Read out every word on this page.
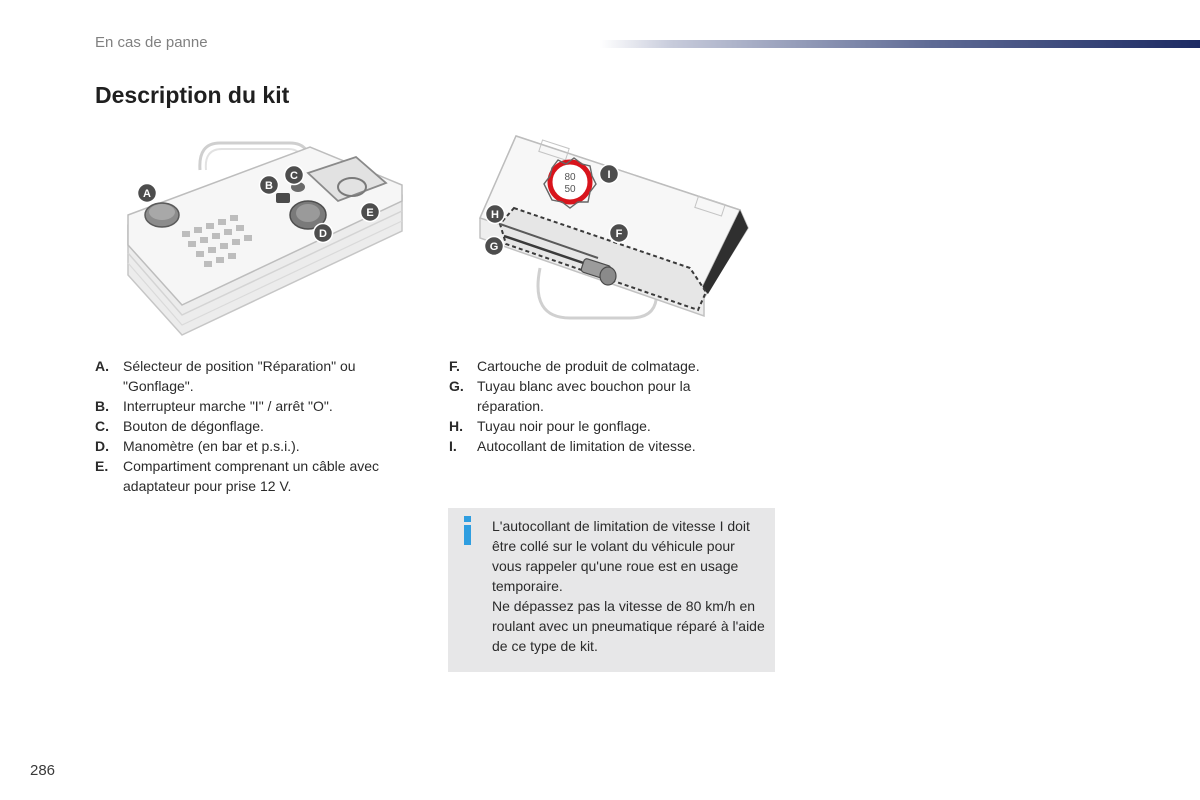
En cas de panne
Description du kit
A
B
C
D
E
80
50
H
G
F
I
A.	Sélecteur de position "Réparation" ou "Gonflage".
B.	Interrupteur marche "I" / arrêt "O".
C.	Bouton de dégonflage.
D.	Manomètre (en bar et p.s.i.).
E.	Compartiment comprenant un câble avec adaptateur pour prise 12 V.
F.	Cartouche de produit de colmatage.
G. Tuyau blanc avec bouchon pour la réparation.
H.	Tuyau noir pour le gonflage.
I.	Autocollant de limitation de vitesse.

L'autocollant de limitation de vitesse I doit être collé sur le volant du véhicule pour vous rappeler qu'une roue est en usage temporaire.

Ne dépassez pas la vitesse de 80 km/h en roulant avec un pneumatique réparé à l'aide de ce type de kit.

286
